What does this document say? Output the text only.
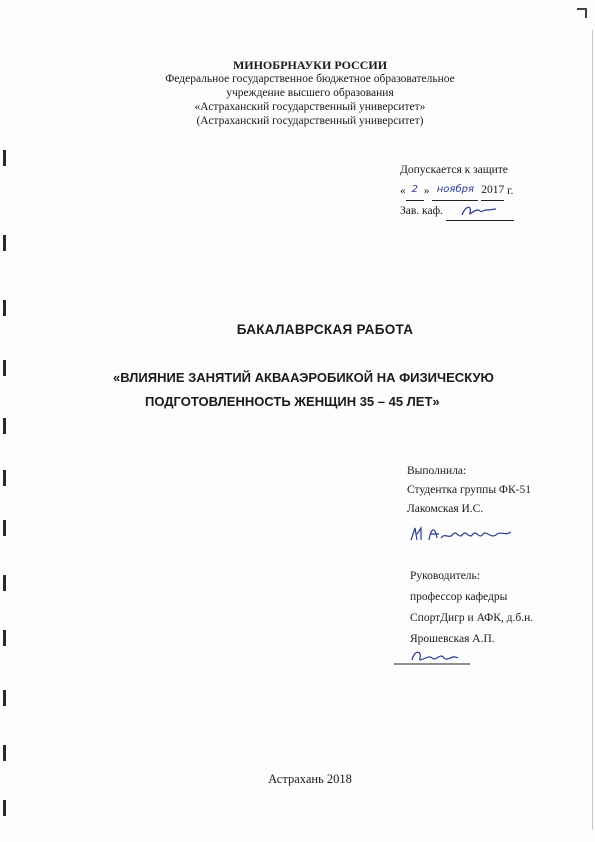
МИНОБРНАУКИ РОССИИ
Федеральное государственное бюджетное образовательное
учреждение высшего образования
«Астраханский государственный университет»
(Астраханский государственный университет)
Допускается к защите
« 2 » ноября 2017 г.
Зав. каф.
БАКАЛАВРСКАЯ РАБОТА
«ВЛИЯНИЕ ЗАНЯТИЙ АКВААЭРОБИКОЙ НА ФИЗИЧЕСКУЮ
ПОДГОТОВЛЕННОСТЬ ЖЕНЩИН 35 – 45 ЛЕТ»
Выполнила:
Студентка группы ФК-51
Лакомская И.С.
Руководитель:
профессор кафедры
СпортДигр и АФК, д.б.н.
Ярошевская А.П.
Астрахань 2018
